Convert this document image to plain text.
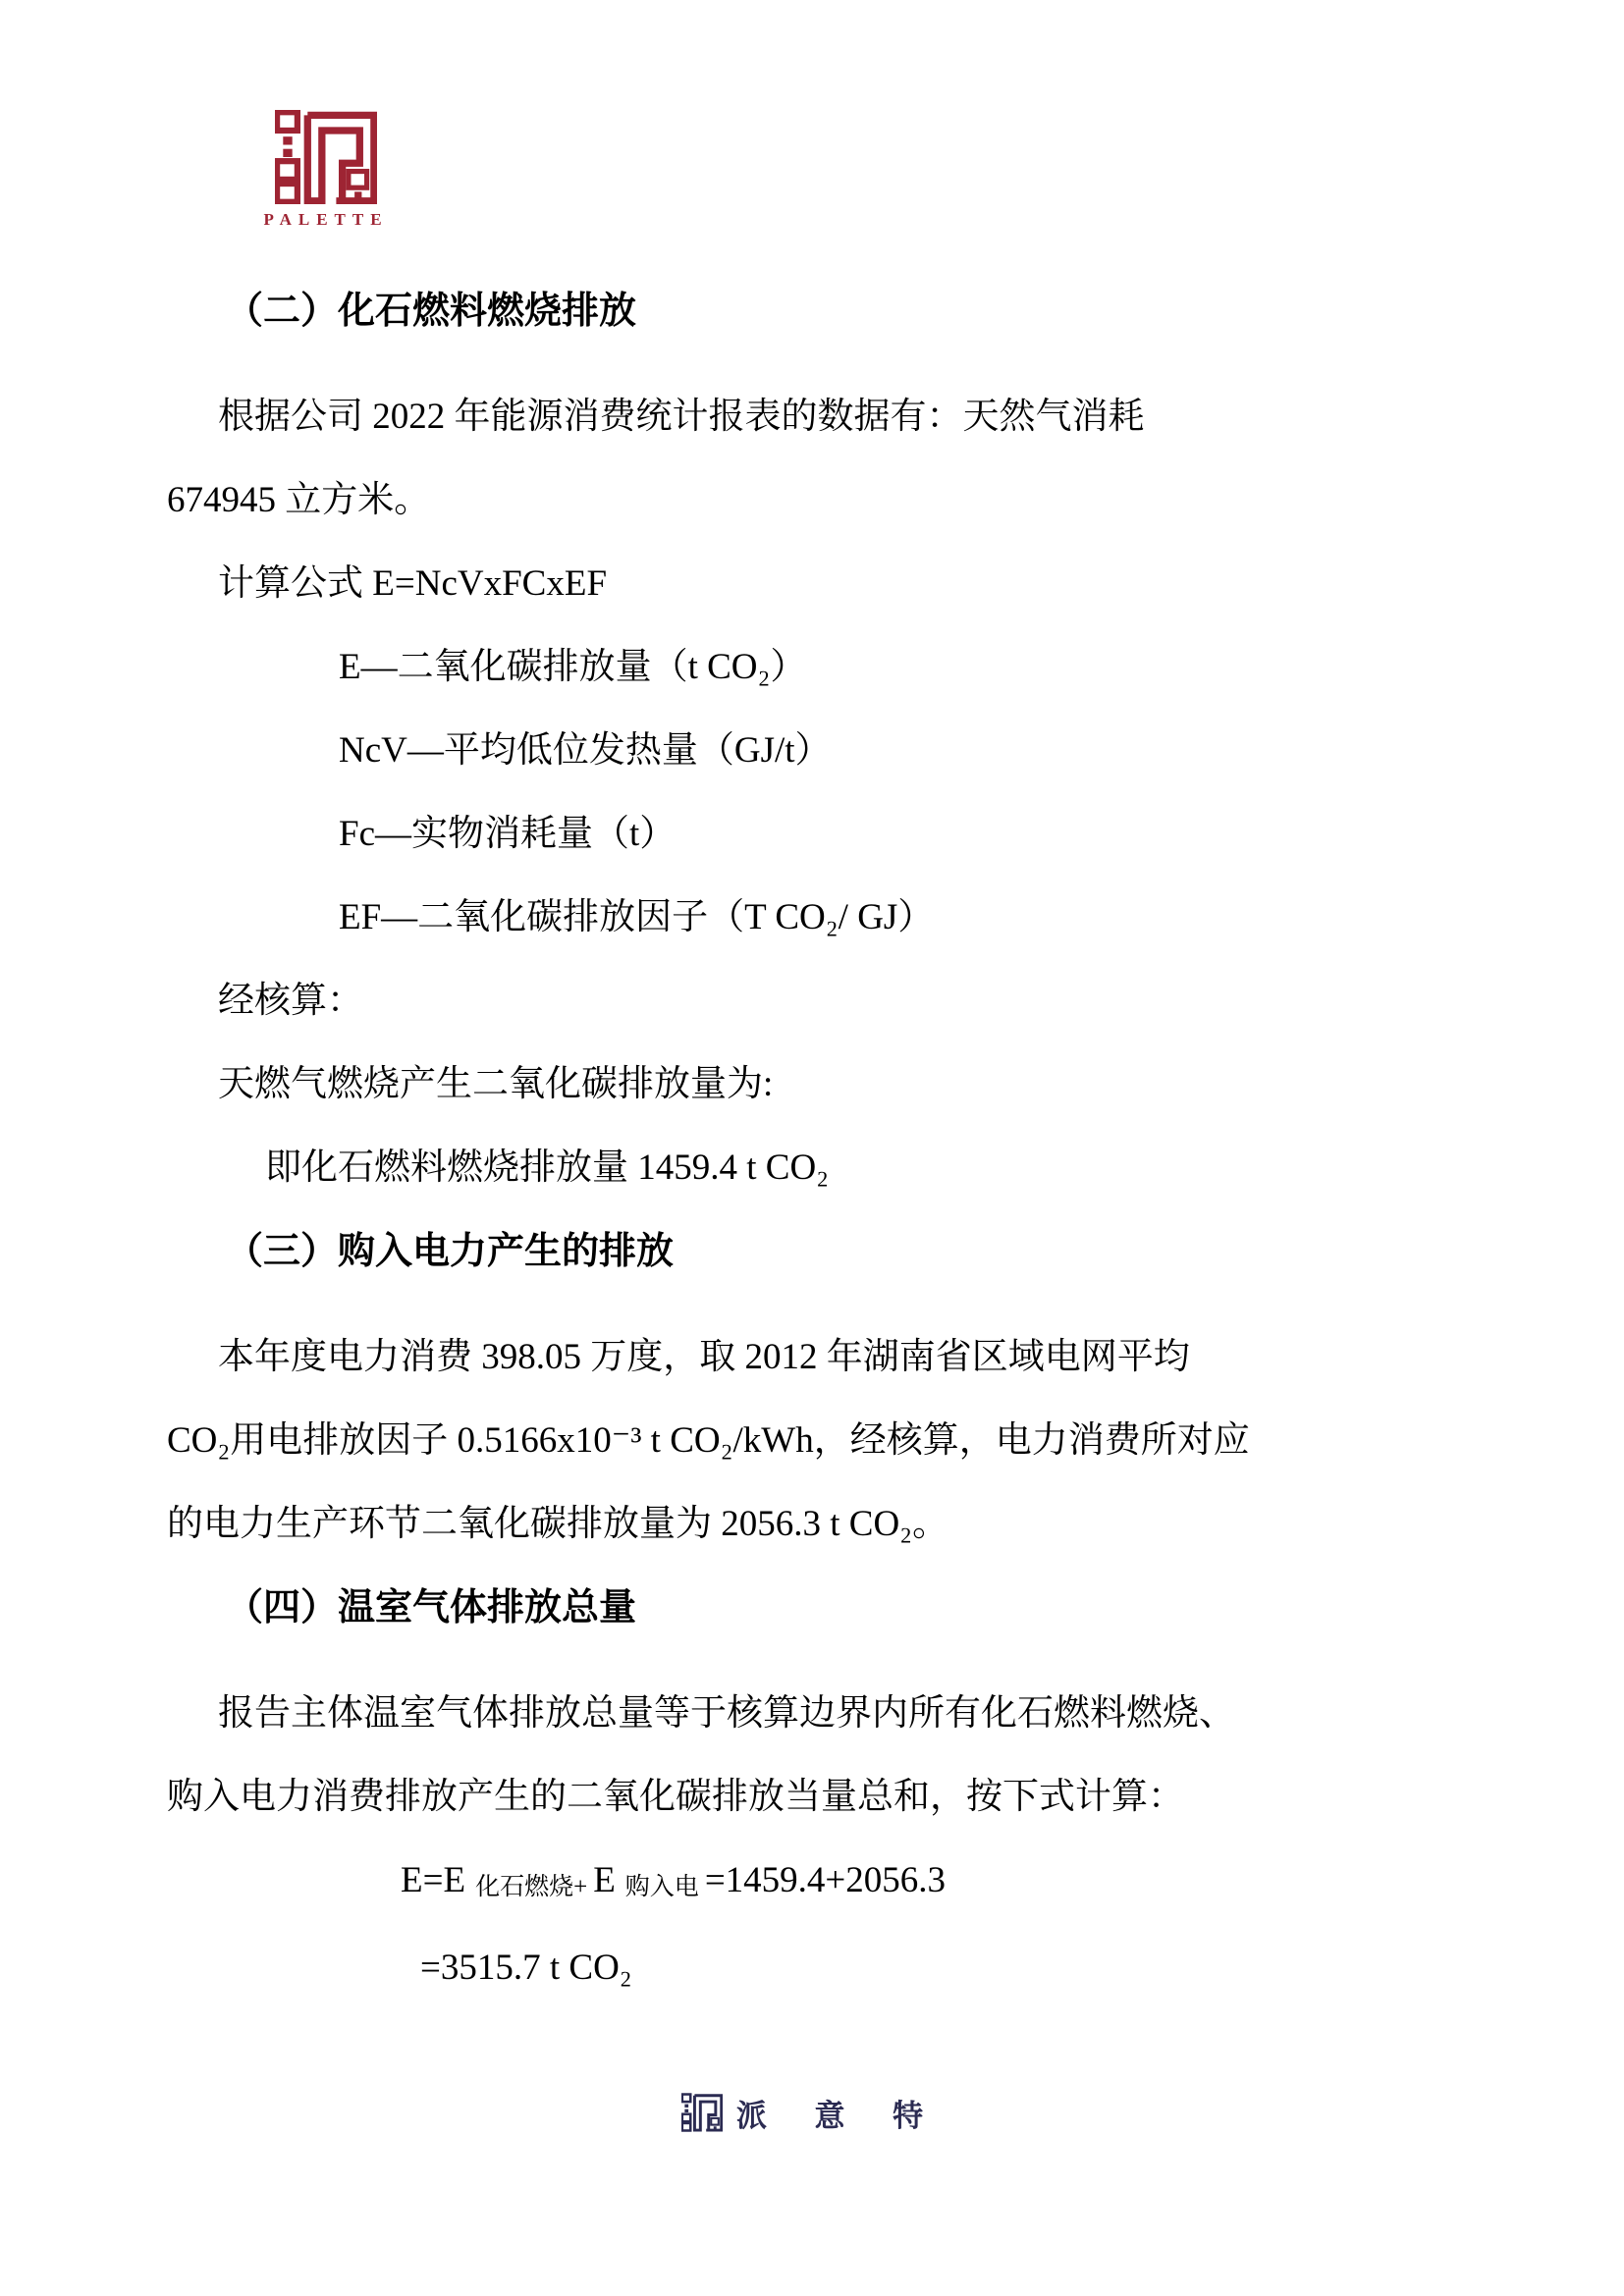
PALETTE
（二）化石燃料燃烧排放

根据公司 2022 年能源消费统计报表的数据有：天然气消耗

674945 立方米。

计算公式 E=NcVxFCxEF

E—二氧化碳排放量（t CO₂）

NcV—平均低位发热量（GJ/t）

Fc—实物消耗量（t）

EF—二氧化碳排放因子（T CO₂/ GJ）

经核算：

天燃气燃烧产生二氧化碳排放量为:

即化石燃料燃烧排放量 1459.4 t CO₂

（三）购入电力产生的排放

本年度电力消费 398.05 万度，取 2012 年湖南省区域电网平均

CO₂用电排放因子 0.5166x10⁻³ t CO₂/kWh，经核算，电力消费所对应

的电力生产环节二氧化碳排放量为 2056.3 t CO₂。

（四）温室气体排放总量

报告主体温室气体排放总量等于核算边界内所有化石燃料燃烧、

购入电力消费排放产生的二氧化碳排放当量总和，按下式计算：

E=E 化石燃烧+ E 购入电 =1459.4+2056.3

=3515.7 t CO₂

派 意 特
